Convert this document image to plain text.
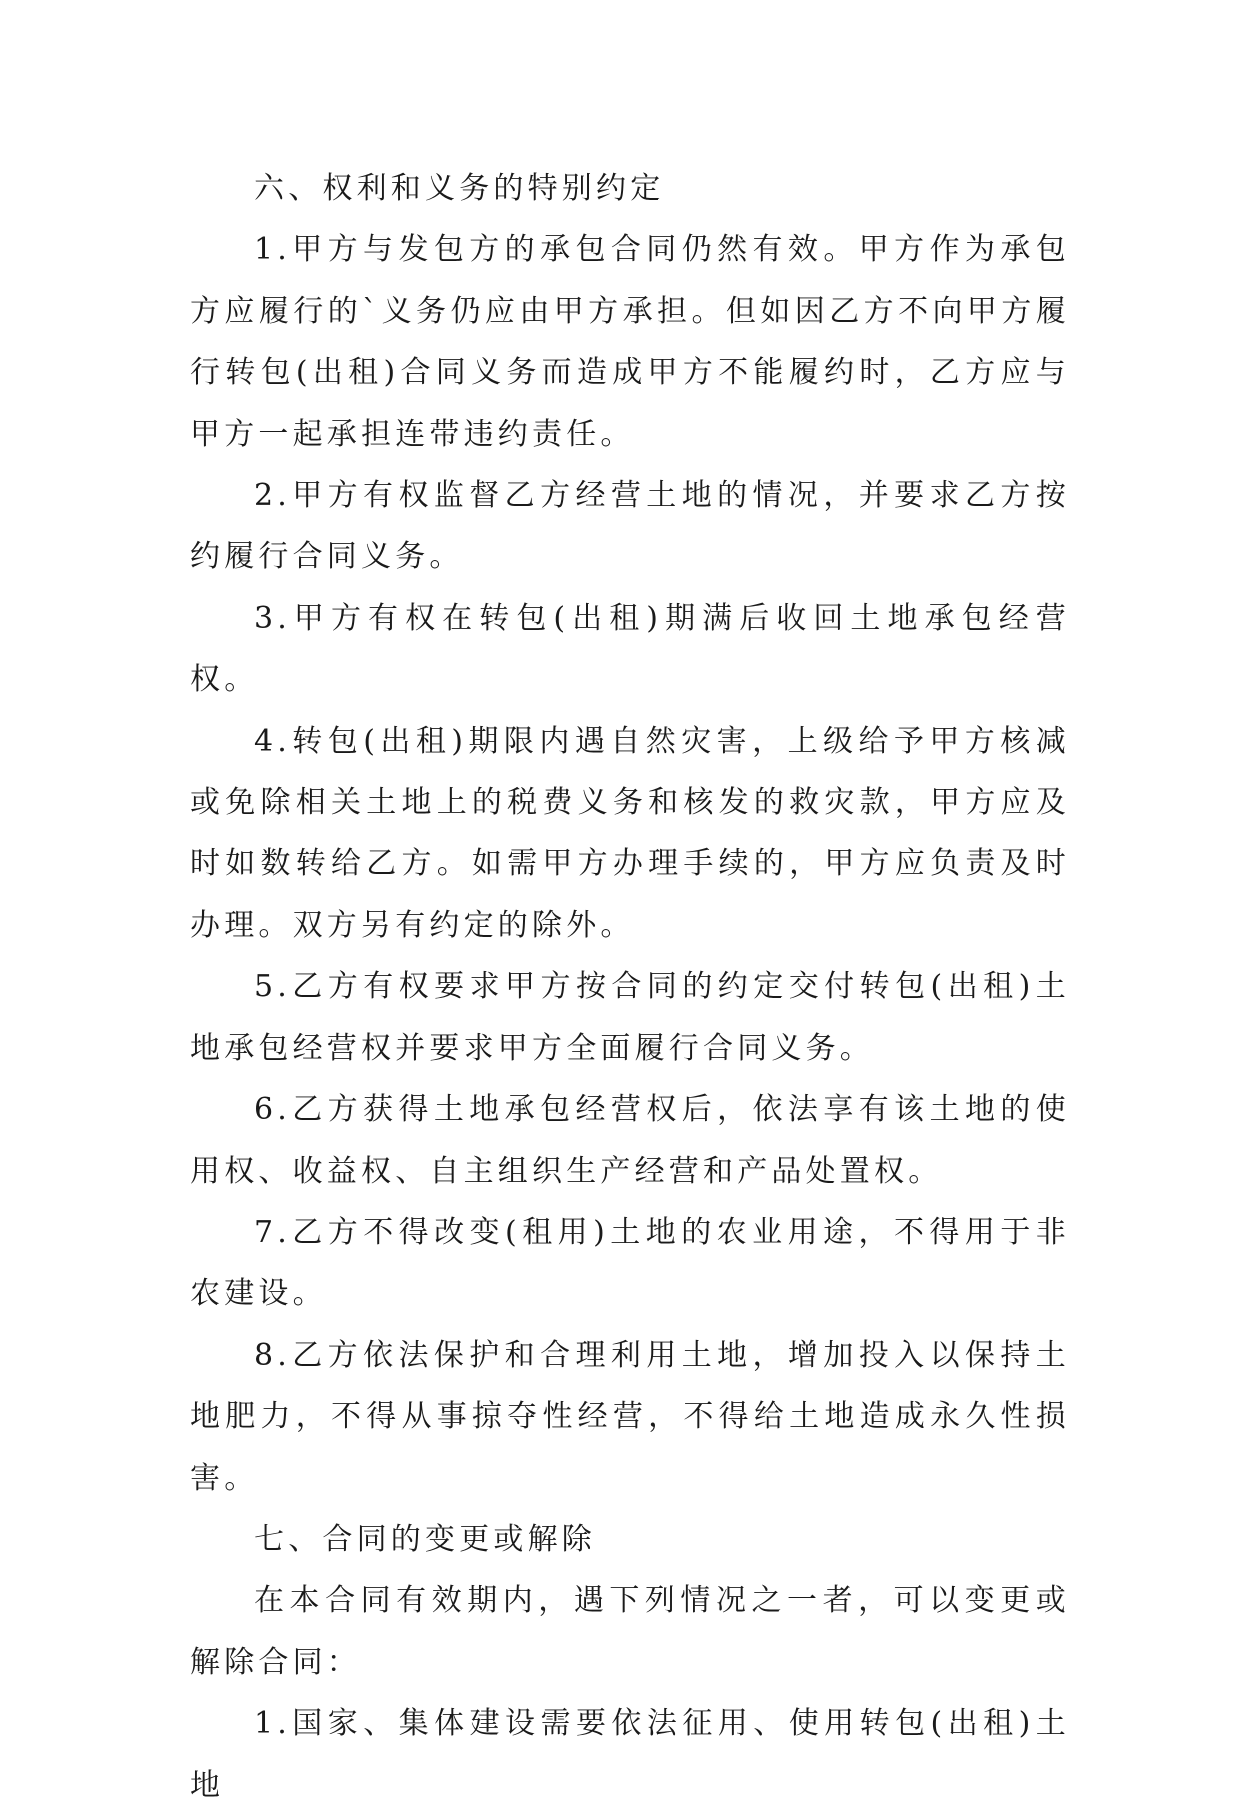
六、权利和义务的特别约定

1.甲方与发包方的承包合同仍然有效。甲方作为承包方应履行的`义务仍应由甲方承担。但如因乙方不向甲方履行转包(出租)合同义务而造成甲方不能履约时，乙方应与甲方一起承担连带违约责任。

2.甲方有权监督乙方经营土地的情况，并要求乙方按约履行合同义务。

3.甲方有权在转包(出租)期满后收回土地承包经营权。

4.转包(出租)期限内遇自然灾害，上级给予甲方核减或免除相关土地上的税费义务和核发的救灾款，甲方应及时如数转给乙方。如需甲方办理手续的，甲方应负责及时办理。双方另有约定的除外。

5.乙方有权要求甲方按合同的约定交付转包(出租)土地承包经营权并要求甲方全面履行合同义务。

6.乙方获得土地承包经营权后，依法享有该土地的使用权、收益权、自主组织生产经营和产品处置权。

7.乙方不得改变(租用)土地的农业用途，不得用于非农建设。

8.乙方依法保护和合理利用土地，增加投入以保持土地肥力，不得从事掠夺性经营，不得给土地造成永久性损害。

七、合同的变更或解除

在本合同有效期内，遇下列情况之一者，可以变更或解除合同：

1.国家、集体建设需要依法征用、使用转包(出租)土地
